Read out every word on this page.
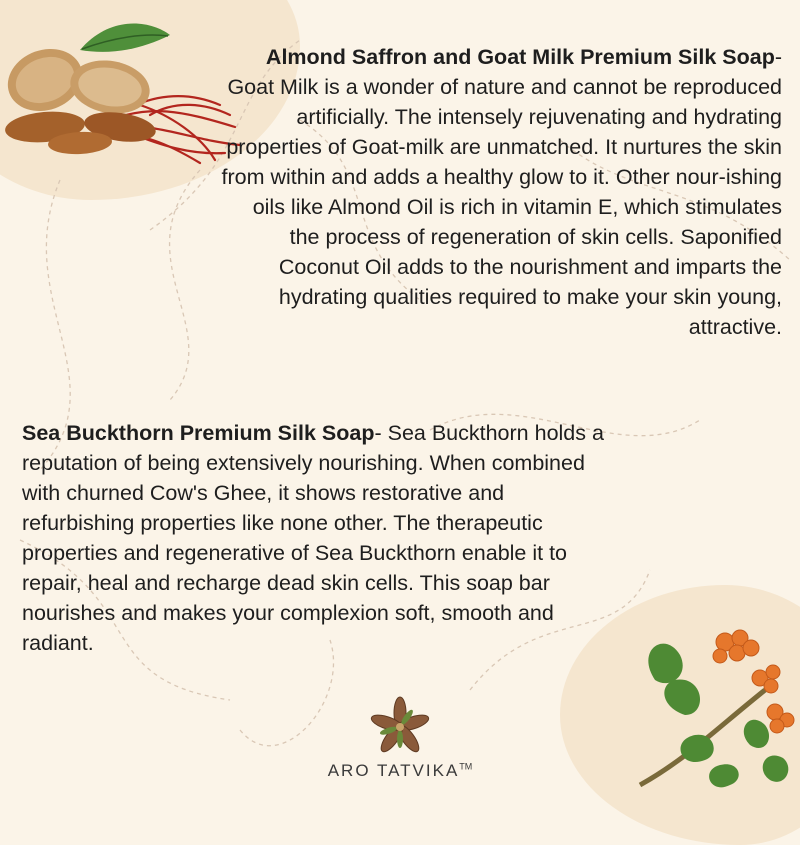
Almond Saffron and Goat Milk Premium Silk Soap- Goat Milk is a wonder of nature and cannot be reproduced artificially. The intensely rejuvenating and hydrating properties of Goat-milk are unmatched. It nurtures the skin from within and adds a healthy glow to it. Other nour-ishing oils like Almond Oil is rich in vitamin E, which stimulates the process of regeneration of skin cells. Saponified Coconut Oil adds to the nourishment and imparts the hydrating qualities required to make your skin young, attractive.
Sea Buckthorn Premium Silk Soap- Sea Buckthorn holds a reputation of being extensively nourishing. When combined with churned Cow's Ghee, it shows restorative and refurbishing properties like none other. The therapeutic properties and regenerative of Sea Buckthorn enable it to repair, heal and recharge dead skin cells. This soap bar nourishes and makes your complexion soft, smooth and radiant.
ARO TATVIKA™
